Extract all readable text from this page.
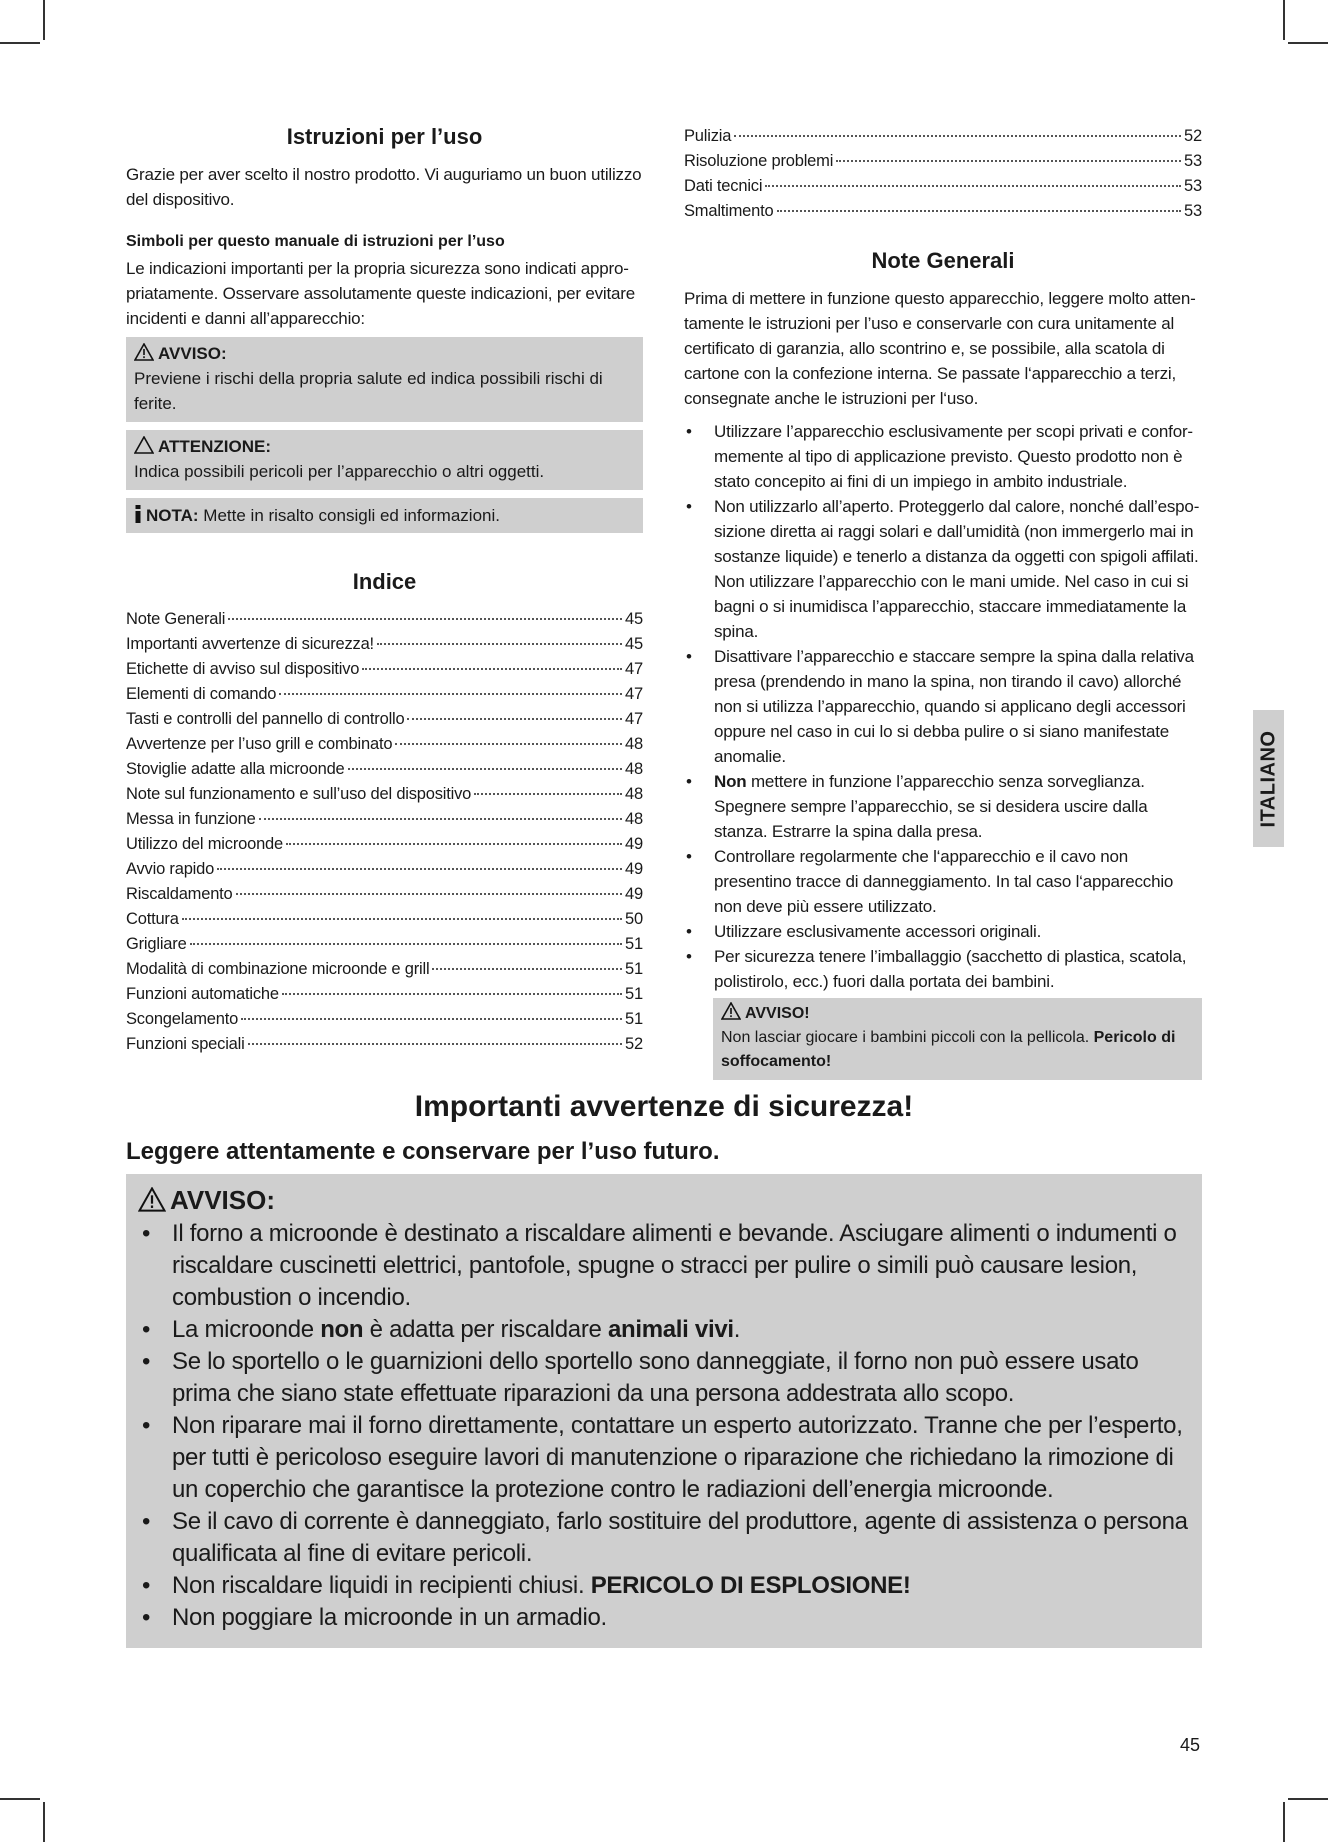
Istruzioni per l’uso

Grazie per aver scelto il nostro prodotto. Vi auguriamo un buon utilizzo del dispositivo.

Simboli per questo manuale di istruzioni per l’uso

Le indicazioni importanti per la propria sicurezza sono indicati appropriatamente. Osservare assolutamente queste indicazioni, per evitare incidenti e danni all’apparecchio:

AVVISO:
Previene i rischi della propria salute ed indica possibili rischi di ferite.
ATTENZIONE:
Indica possibili pericoli per l’apparecchio o altri oggetti.
NOTA: Mette in risalto consigli ed informazioni.
Indice
Note Generali	45
Importanti avvertenze di sicurezza!	45
Etichette di avviso sul dispositivo	47
Elementi di comando	47
Tasti e controlli del pannello di controllo	47
Avvertenze per l’uso grill e combinato	48
Stoviglie adatte alla microonde	48
Note sul funzionamento e sull’uso del dispositivo	48
Messa in funzione	48
Utilizzo del microonde	49
Avvio rapido	49
Riscaldamento	49
Cottura	50
Grigliare	51
Modalità di combinazione microonde e grill	51
Funzioni automatiche	51
Scongelamento	51
Funzioni speciali	52
Pulizia	52
Risoluzione problemi	53
Dati tecnici	53
Smaltimento	53
Note Generali

Prima di mettere in funzione questo apparecchio, leggere molto attentamente le istruzioni per l’uso e conservarle con cura unitamente al certificato di garanzia, allo scontrino e, se possibile, alla scatola di cartone con la confezione interna. Se passate l‘apparecchio a terzi, consegnate anche le istruzioni per l‘uso.

• Utilizzare l’apparecchio esclusivamente per scopi privati e conformemente al tipo di applicazione previsto. Questo prodotto non è stato concepito ai fini di un impiego in ambito industriale.
• Non utilizzarlo all’aperto. Proteggerlo dal calore, nonché dall’esposizione diretta ai raggi solari e dall’umidità (non immergerlo mai in sostanze liquide) e tenerlo a distanza da oggetti con spigoli affilati. Non utilizzare l’apparecchio con le mani umide. Nel caso in cui si bagni o si inumidisca l’apparecchio, staccare immediatamente la spina.
• Disattivare l’apparecchio e staccare sempre la spina dalla relativa presa (prendendo in mano la spina, non tirando il cavo) allorché non si utilizza l’apparecchio, quando si applicano degli accessori oppure nel caso in cui lo si debba pulire o si siano manifestate anomalie.
• Non mettere in funzione l’apparecchio senza sorveglianza. Spegnere sempre l’apparecchio, se si desidera uscire dalla stanza. Estrarre la spina dalla presa.
• Controllare regolarmente che l‘apparecchio e il cavo non presentino tracce di danneggiamento. In tal caso l‘apparecchio non deve più essere utilizzato.
• Utilizzare esclusivamente accessori originali.
• Per sicurezza tenere l’imballaggio (sacchetto di plastica, scatola, polistirolo, ecc.) fuori dalla portata dei bambini.
AVVISO!
Non lasciar giocare i bambini piccoli con la pellicola. Pericolo di soffocamento!
ITALIANO
Importanti avvertenze di sicurezza!
Leggere attentamente e conservare per l’uso futuro.
AVVISO:
• Il forno a microonde è destinato a riscaldare alimenti e bevande. Asciugare alimenti o indumenti o riscaldare cuscinetti elettrici, pantofole, spugne o stracci per pulire o simili può causare lesion, combustion o incendio.
• La microonde non è adatta per riscaldare animali vivi.
• Se lo sportello o le guarnizioni dello sportello sono danneggiate, il forno non può essere usato prima che siano state effettuate riparazioni da una persona addestrata allo scopo.
• Non riparare mai il forno direttamente, contattare un esperto autorizzato. Tranne che per l’esperto, per tutti è pericoloso eseguire lavori di manutenzione o riparazione che richiedano la rimozione di un coperchio che garantisce la protezione contro le radiazioni dell’energia microonde.
• Se il cavo di corrente è danneggiato, farlo sostituire del produttore, agente di assistenza o persona qualificata al fine di evitare pericoli.
• Non riscaldare liquidi in recipienti chiusi. PERICOLO DI ESPLOSIONE!
• Non poggiare la microonde in un armadio.
45
